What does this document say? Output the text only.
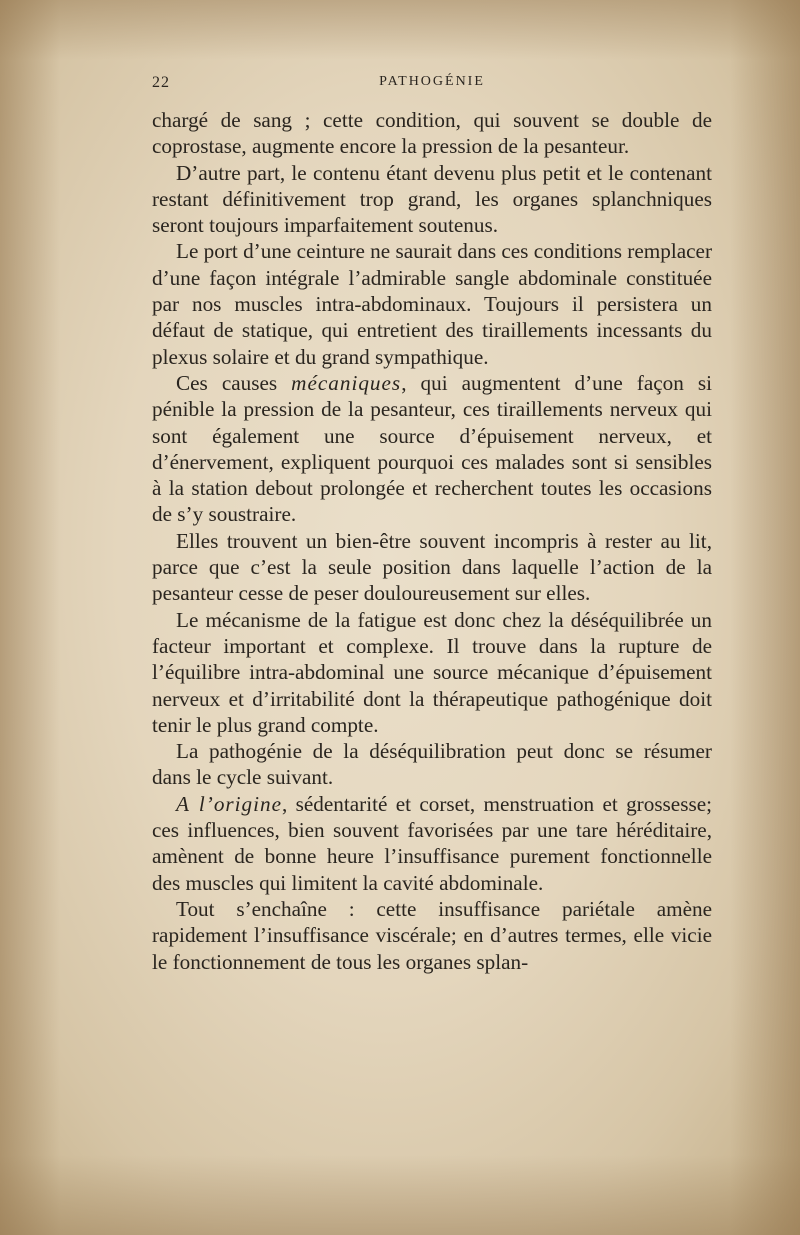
22	PATHOGÉNIE

chargé de sang ; cette condition, qui souvent se double de coprostase, augmente encore la pression de la pesanteur.

D’autre part, le contenu étant devenu plus petit et le contenant restant définitivement trop grand, les organes splanchniques seront toujours imparfaitement soutenus.

Le port d’une ceinture ne saurait dans ces conditions remplacer d’une façon intégrale l’admirable sangle abdominale constituée par nos muscles intra-abdominaux. Toujours il persistera un défaut de statique, qui entretient des tiraillements incessants du plexus solaire et du grand sympathique.

Ces causes mécaniques, qui augmentent d’une façon si pénible la pression de la pesanteur, ces tiraillements nerveux qui sont également une source d’épuisement nerveux, et d’énervement, expliquent pourquoi ces malades sont si sensibles à la station debout prolongée et recherchent toutes les occasions de s’y soustraire.

Elles trouvent un bien-être souvent incompris à rester au lit, parce que c’est la seule position dans laquelle l’action de la pesanteur cesse de peser douloureusement sur elles.

Le mécanisme de la fatigue est donc chez la déséquilibrée un facteur important et complexe. Il trouve dans la rupture de l’équilibre intra-abdominal une source mécanique d’épuisement nerveux et d’irritabilité dont la thérapeutique pathogénique doit tenir le plus grand compte.

La pathogénie de la déséquilibration peut donc se résumer dans le cycle suivant.

A l’origine, sédentarité et corset, menstruation et grossesse; ces influences, bien souvent favorisées par une tare héréditaire, amènent de bonne heure l’insuffisance purement fonctionnelle des muscles qui limitent la cavité abdominale.

Tout s’enchaîne : cette insuffisance pariétale amène rapidement l’insuffisance viscérale; en d’autres termes, elle vicie le fonctionnement de tous les organes splan-
